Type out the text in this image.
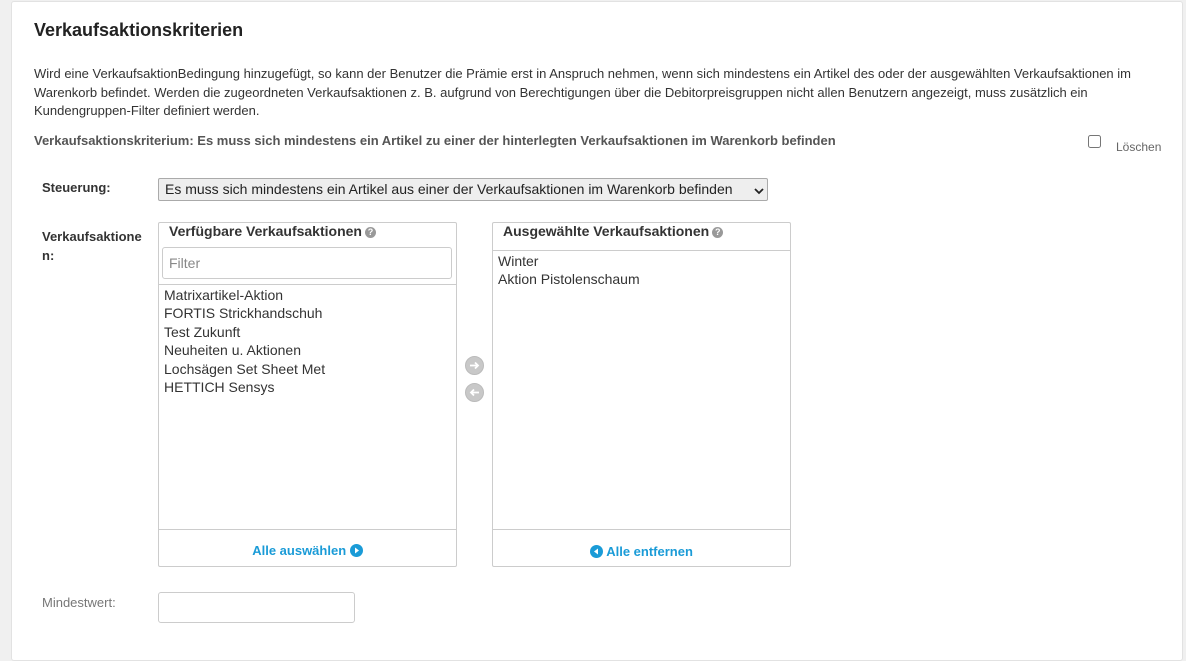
Verkaufsaktionskriterien
Wird eine VerkaufsaktionBedingung hinzugefügt, so kann der Benutzer die Prämie erst in Anspruch nehmen, wenn sich mindestens ein Artikel des oder der ausgewählten Verkaufsaktionen im Warenkorb befindet. Werden die zugeordneten Verkaufsaktionen z. B. aufgrund von Berechtigungen über die Debitorpreisgruppen nicht allen Benutzern angezeigt, muss zusätzlich ein Kundengruppen-Filter definiert werden.
Verkaufsaktionskriterium: Es muss sich mindestens ein Artikel zu einer der hinterlegten Verkaufsaktionen im Warenkorb befinden	Löschen
Steuerung:	Es muss sich mindestens ein Artikel aus einer der Verkaufsaktionen im Warenkorb befinden
Verkaufsaktione n:
Verfügbare Verkaufsaktionen ?
Filter
Matrixartikel-Aktion
FORTIS Strickhandschuh
Test Zukunft
Neuheiten u. Aktionen
Lochsägen Set Sheet Met
HETTICH Sensys
Alle auswählen
Ausgewählte Verkaufsaktionen ?
Winter
Aktion Pistolenschaum
Alle entfernen
Mindestwert:
